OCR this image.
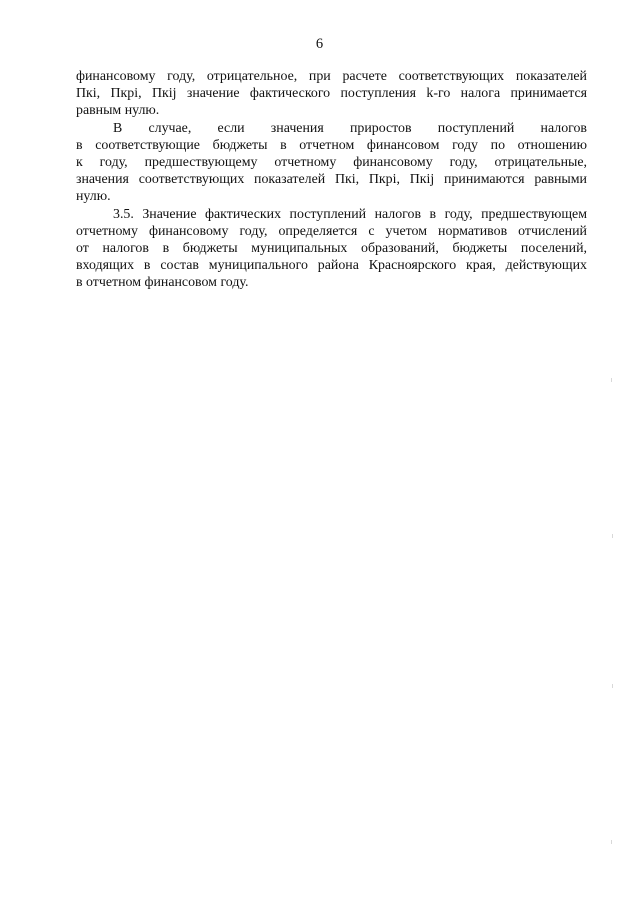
6
финансовому году, отрицательное, при расчете соответствующих показателей
Пкі, Пкрі, Пкіј значение фактического поступления k-го налога принимается
равным нулю.
В случае, если значения приростов поступлений налогов
в соответствующие бюджеты в отчетном финансовом году по отношению
к году, предшествующему отчетному финансовому году, отрицательные,
значения соответствующих показателей Пкі, Пкрі, Пкіј принимаются равными
нулю.
3.5. Значение фактических поступлений налогов в году, предшествующем
отчетному финансовому году, определяется с учетом нормативов отчислений
от налогов в бюджеты муниципальных образований, бюджеты поселений,
входящих в состав муниципального района Красноярского края, действующих
в отчетном финансовом году.
